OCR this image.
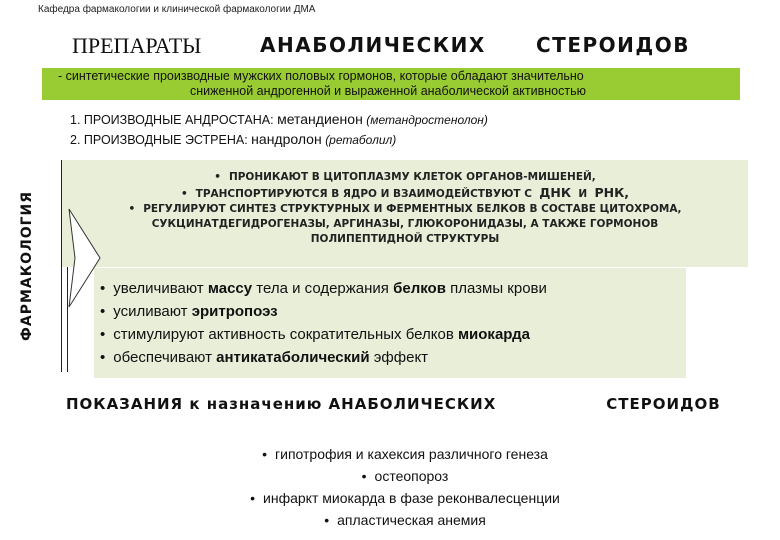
Кафедра фармакологии и клинической фармакологии ДМА
ПРЕПАРАТЫ	АНАБОЛИЧЕСКИХ	СТЕРОИДОВ
- синтетические производные мужских половых гормонов, которые обладают значительно
сниженной андрогенной и выраженной анаболической активностью
1. ПРОИЗВОДНЫЕ АНДРОСТАНА: метандиенон (метандростенолон)
2. ПРОИЗВОДНЫЕ ЭСТРЕНА: нандролон (ретаболил)
ФАРМАКОЛОГИЯ
• ПРОНИКАЮТ В ЦИТОПЛАЗМУ КЛЕТОК ОРГАНОВ-МИШЕНЕЙ,
• ТРАНСПОРТИРУЮТСЯ В ЯДРО И ВЗАИМОДЕЙСТВУЮТ С ДНК И РНК,
• РЕГУЛИРУЮТ СИНТЕЗ СТРУКТУРНЫХ И ФЕРМЕНТНЫХ БЕЛКОВ В СОСТАВЕ ЦИТОХРОМА,
СУКЦИНАТДЕГИДРОГЕНАЗЫ, АРГИНАЗЫ, ГЛЮКОРОНИДАЗЫ, А ТАКЖЕ ГОРМОНОВ
ПОЛИПЕПТИДНОЙ СТРУКТУРЫ
• увеличивают массу тела и содержания белков плазмы крови
• усиливают эритропоэз
• стимулируют активность сократительных белков миокарда
• обеспечивают антикатаболический эффект
ПОКАЗАНИЯ к назначению АНАБОЛИЧЕСКИХ	СТЕРОИДОВ
• гипотрофия и кахексия различного генеза
• остеопороз
• инфаркт миокарда в фазе реконвалесценции
• апластическая анемия
